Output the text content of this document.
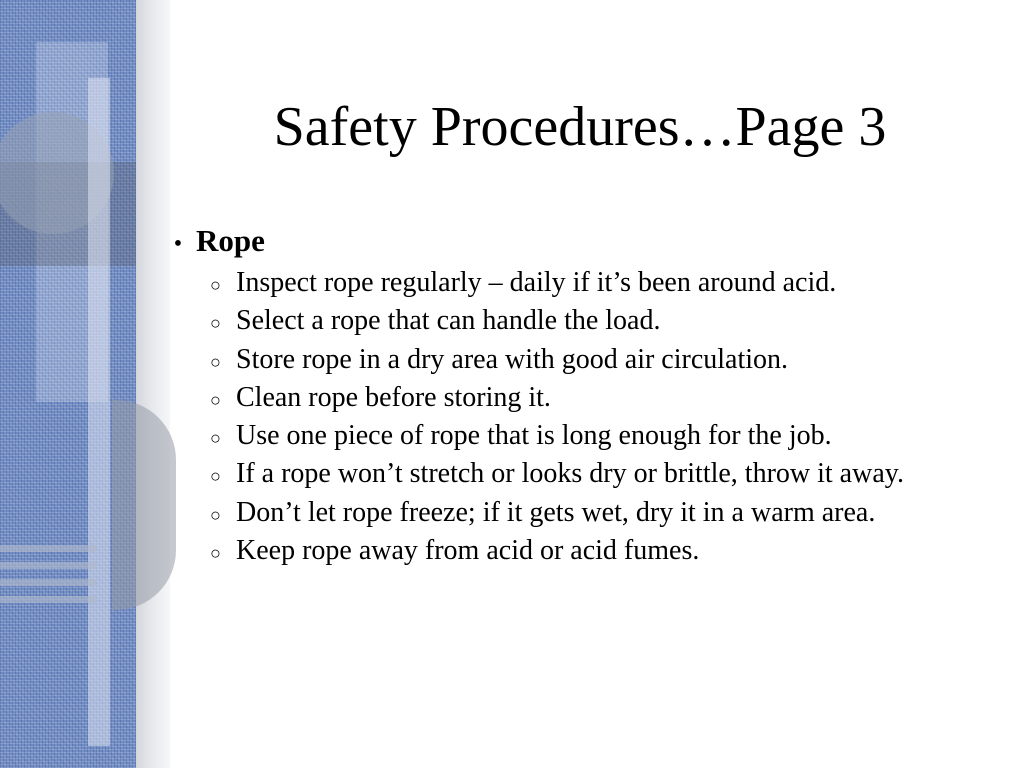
Safety Procedures…Page 3
• Rope
○ Inspect rope regularly – daily if it’s been around acid.
○ Select a rope that can handle the load.
○ Store rope in a dry area with good air circulation.
○ Clean rope before storing it.
○ Use one piece of rope that is long enough for the job.
○ If a rope won’t stretch or looks dry or brittle, throw it away.
○ Don’t let rope freeze; if it gets wet, dry it in a warm area.
○ Keep rope away from acid or acid fumes.
